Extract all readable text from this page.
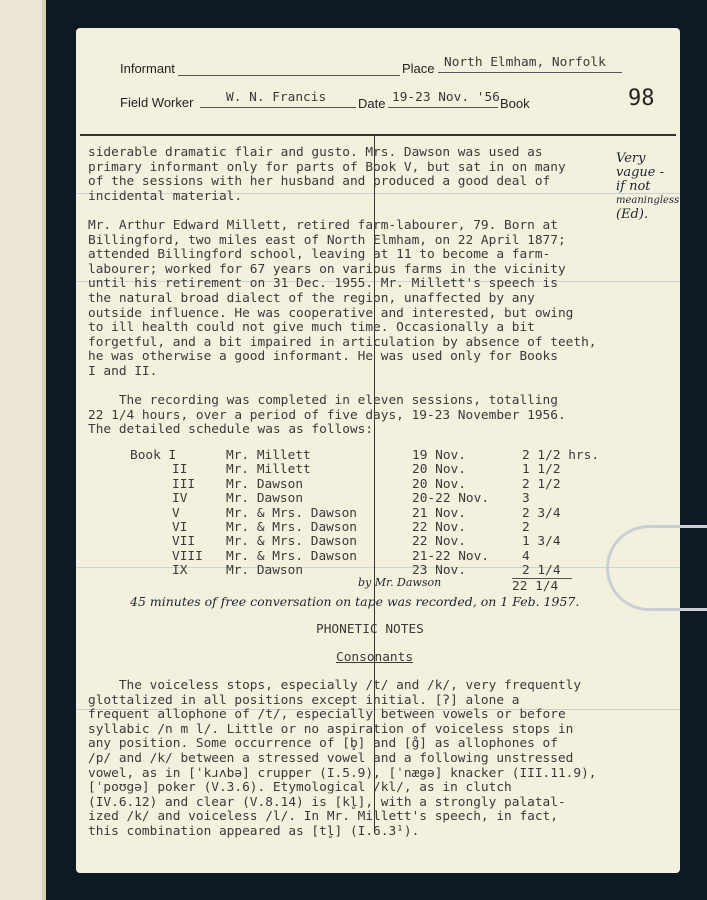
Informant	Place North Elmham, Norfolk
Field Worker	W. N. Francis Date 19-23 Nov. '56 Book	98
Very
vague -
if not
meaningless
(Ed).
siderable dramatic flair and gusto. Mrs. Dawson was used as
primary informant only for parts of Book V, but sat in on many
of the sessions with her husband and produced a good deal of
incidental material.
Mr. Arthur Edward Millett, retired farm-labourer, 79. Born at
Billingford, two miles east of North Elmham, on 22 April 1877;
attended Billingford school, leaving at 11 to become a farm-
labourer; worked for 67 years on various farms in the vicinity
until his retirement on 31 Dec. 1955. Mr. Millett's speech is
the natural broad dialect of the region, unaffected by any
outside influence. He was cooperative and interested, but owing
to ill health could not give much time. Occasionally a bit
forgetful, and a bit impaired in articulation by absence of teeth,
he was otherwise a good informant. He was used only for Books
I and II.
The recording was completed in eleven sessions, totalling
22 1/4 hours, over a period of five days, 19-23 November 1956.
The detailed schedule was as follows:
Book I	Mr. Millett	19 Nov.	2 1/2 hrs.
II	Mr. Millett	20 Nov.	1 1/2
III Mr. Dawson	20 Nov.	2 1/2
IV	Mr. Dawson	20-22 Nov.	3
V	Mr. & Mrs. Dawson	21 Nov.	2 3/4
VI	Mr. & Mrs. Dawson	22 Nov.	2
VII Mr. & Mrs. Dawson	22 Nov.	1 3/4
VIII Mr. & Mrs. Dawson	21-22 Nov.	4
IX	Mr. Dawson	23 Nov.	2 1/4
22 1/4
by Mr. Dawson
45 minutes of free conversation on tape was recorded, on 1 Feb. 1957.
PHONETIC NOTES
Consonants
The voiceless stops, especially /t/ and /k/, very frequently
glottalized in all positions except initial. [ʔ] alone a
frequent allophone of /t/, especially between vowels or before
syllabic /n m l/. Little or no aspiration of voiceless stops in
any position. Some occurrence of [b̥] and [g̊] as allophones of
/p/ and /k/ between a stressed vowel and a following unstressed
vowel, as in [ˈkɹʌbə] crupper (I.5.9), [ˈnægə] knacker (III.11.9),
[ˈpoʊgə] poker (V.3.6). Etymological /kl/, as in clutch
(IV.6.12) and clear (V.8.14) is [kl̥], with a strongly palatal-
ized /k/ and voiceless /l/. In Mr. Millett's speech, in fact,
this combination appeared as [tl̥] (I.6.3¹).
